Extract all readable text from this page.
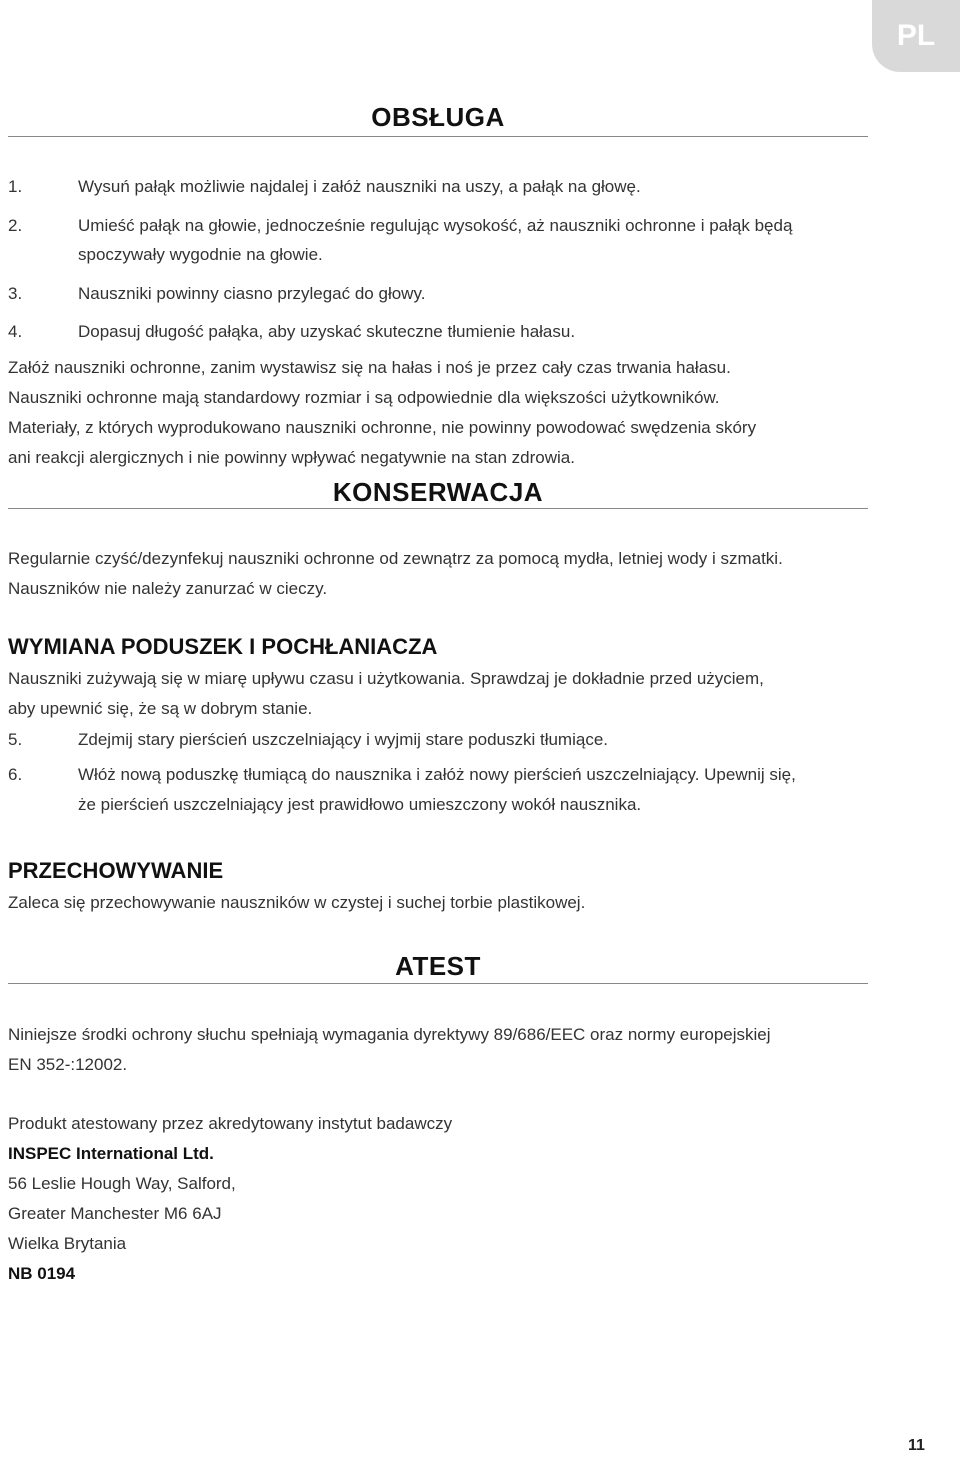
PL
OBSŁUGA
1.	Wysuń pałąk możliwie najdalej i załóż nauszniki na uszy, a pałąk na głowę.
2.	Umieść pałąk na głowie, jednocześnie regulując wysokość, aż nauszniki ochronne i pałąk będą
spoczywały wygodnie na głowie.
3.	Nauszniki powinny ciasno przylegać do głowy.
4.	Dopasuj długość pałąka, aby uzyskać skuteczne tłumienie hałasu.
Załóż nauszniki ochronne, zanim wystawisz się na hałas i noś je przez cały czas trwania hałasu.
Nauszniki ochronne mają standardowy rozmiar i są odpowiednie dla większości użytkowników.
Materiały, z których wyprodukowano nauszniki ochronne, nie powinny powodować swędzenia skóry
ani reakcji alergicznych i nie powinny wpływać negatywnie na stan zdrowia.
KONSERWACJA
Regularnie czyść/dezynfekuj nauszniki ochronne od zewnątrz za pomocą mydła, letniej wody i szmatki.
Nauszników nie należy zanurzać w cieczy.
WYMIANA PODUSZEK I POCHŁANIACZA
Nauszniki zużywają się w miarę upływu czasu i użytkowania. Sprawdzaj je dokładnie przed użyciem,
aby upewnić się, że są w dobrym stanie.
5.	Zdejmij stary pierścień uszczelniający i wyjmij stare poduszki tłumiące.
6.	Włóż nową poduszkę tłumiącą do nausznika i załóż nowy pierścień uszczelniający. Upewnij się,
że pierścień uszczelniający jest prawidłowo umieszczony wokół nausznika.
PRZECHOWYWANIE
Zaleca się przechowywanie nauszników w czystej i suchej torbie plastikowej.
ATEST
Niniejsze środki ochrony słuchu spełniają wymagania dyrektywy 89/686/EEC oraz normy europejskiej
EN 352-:12002.
Produkt atestowany przez akredytowany instytut badawczy
INSPEC International Ltd.
56 Leslie Hough Way, Salford,
Greater Manchester M6 6AJ
Wielka Brytania
NB 0194
11
